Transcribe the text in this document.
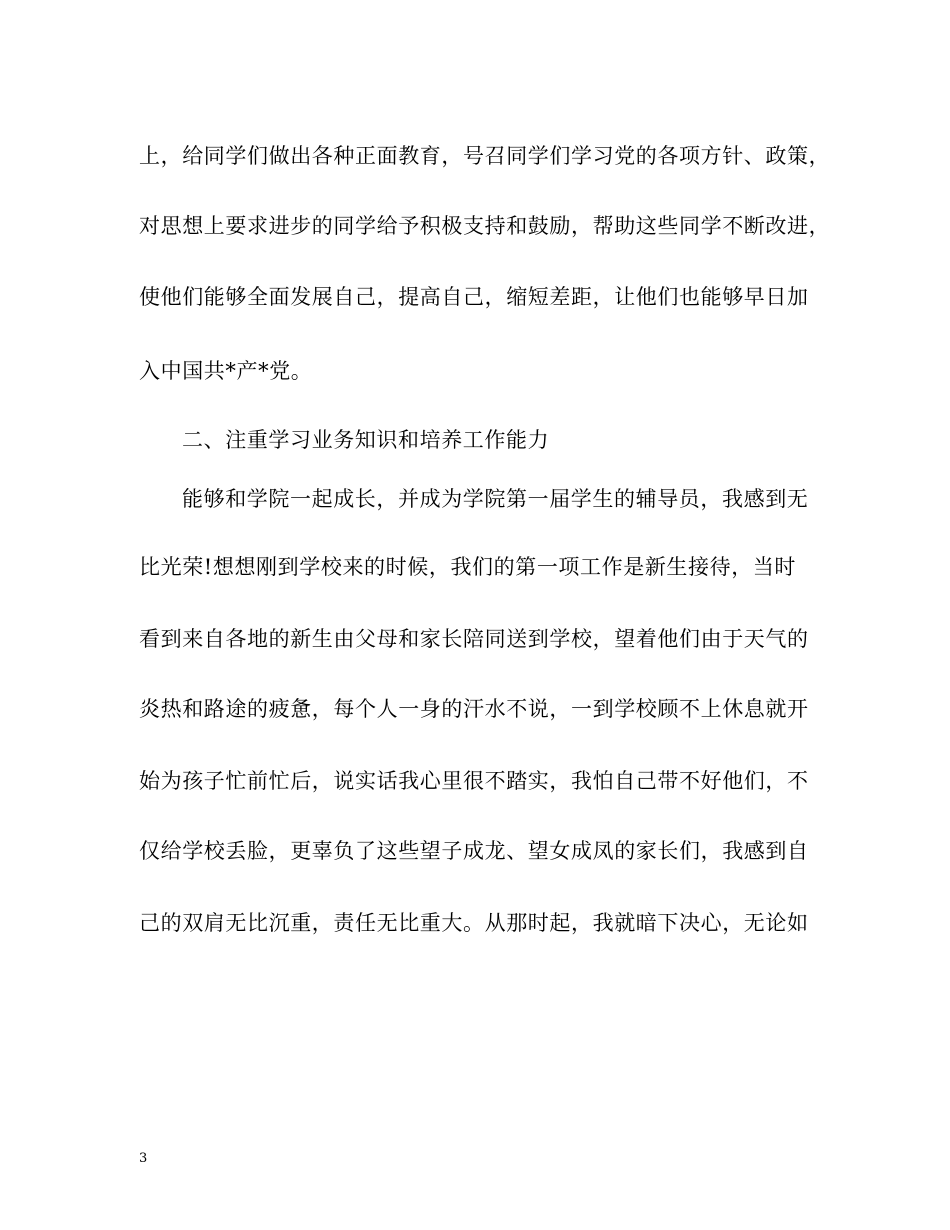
上，给同学们做出各种正面教育，号召同学们学习党的各项方针、政策，
对思想上要求进步的同学给予积极支持和鼓励，帮助这些同学不断改进，
使他们能够全面发展自己，提高自己，缩短差距，让他们也能够早日加
入中国共*产*党。
二、注重学习业务知识和培养工作能力
能够和学院一起成长，并成为学院第一届学生的辅导员，我感到无
比光荣!想想刚到学校来的时候，我们的第一项工作是新生接待，当时
看到来自各地的新生由父母和家长陪同送到学校，望着他们由于天气的
炎热和路途的疲惫，每个人一身的汗水不说，一到学校顾不上休息就开
始为孩子忙前忙后，说实话我心里很不踏实，我怕自己带不好他们，不
仅给学校丢脸，更辜负了这些望子成龙、望女成凤的家长们，我感到自
己的双肩无比沉重，责任无比重大。从那时起，我就暗下决心，无论如
3
